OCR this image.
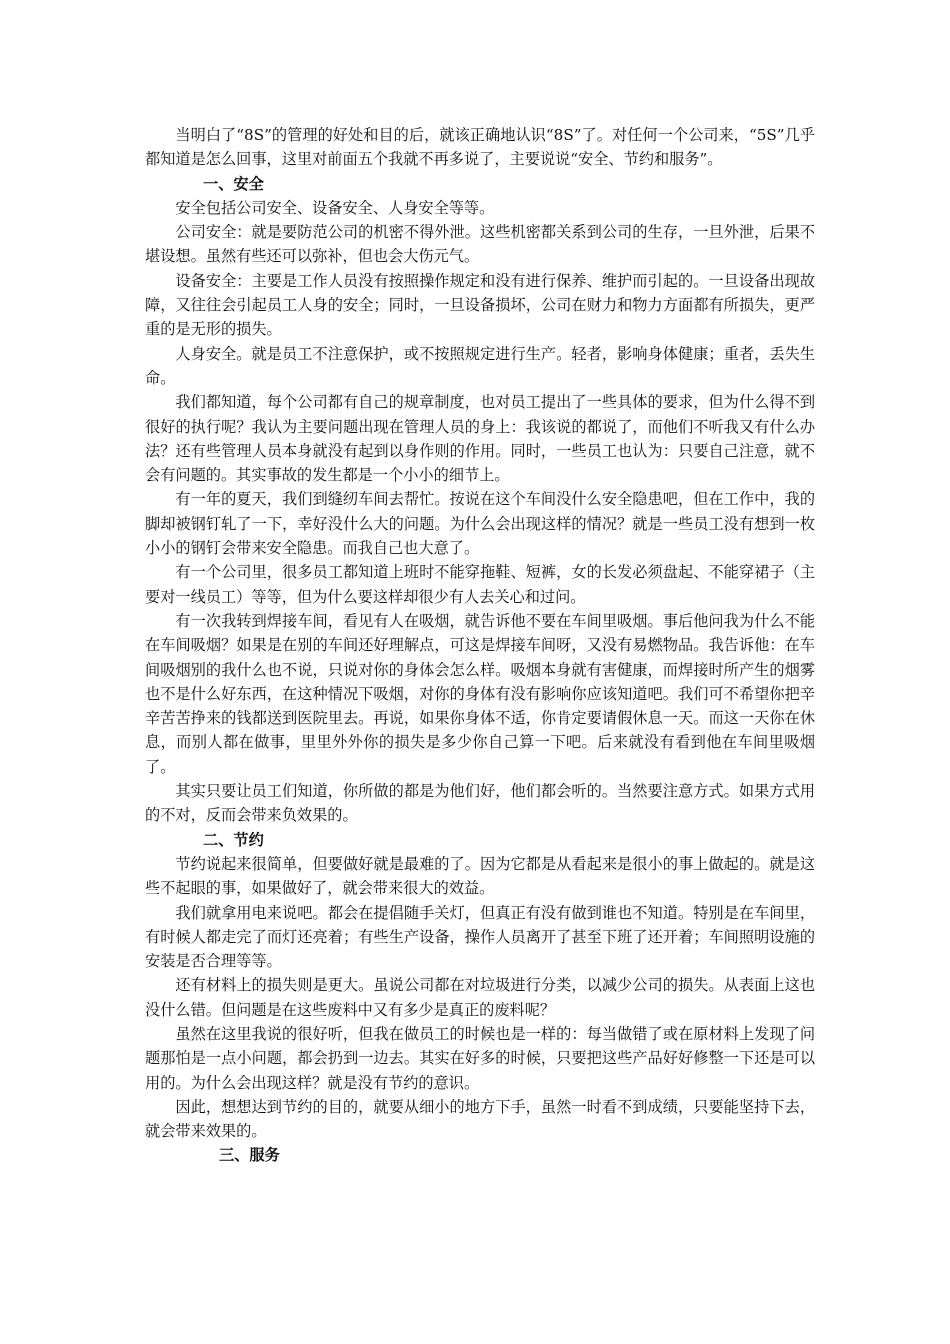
当明白了“8S”的管理的好处和目的后，就该正确地认识“8S”了。对任何一个公司来，“5S”几乎都知道是怎么回事，这里对前面五个我就不再多说了，主要说说“安全、节约和服务”。

一、安全

安全包括公司安全、设备安全、人身安全等等。

公司安全：就是要防范公司的机密不得外泄。这些机密都关系到公司的生存，一旦外泄，后果不堪设想。虽然有些还可以弥补，但也会大伤元气。

设备安全：主要是工作人员没有按照操作规定和没有进行保养、维护而引起的。一旦设备出现故障，又往往会引起员工人身的安全；同时，一旦设备损坏，公司在财力和物力方面都有所损失，更严重的是无形的损失。

人身安全。就是员工不注意保护，或不按照规定进行生产。轻者，影响身体健康；重者，丢失生命。

我们都知道，每个公司都有自己的规章制度，也对员工提出了一些具体的要求，但为什么得不到很好的执行呢？我认为主要问题出现在管理人员的身上：我该说的都说了，而他们不听我又有什么办法？还有些管理人员本身就没有起到以身作则的作用。同时，一些员工也认为：只要自己注意，就不会有问题的。其实事故的发生都是一个小小的细节上。

有一年的夏天，我们到缝纫车间去帮忙。按说在这个车间没什么安全隐患吧，但在工作中，我的脚却被钢钉轧了一下，幸好没什么大的问题。为什么会出现这样的情况？就是一些员工没有想到一枚小小的钢钉会带来安全隐患。而我自己也大意了。

有一个公司里，很多员工都知道上班时不能穿拖鞋、短裤，女的长发必须盘起、不能穿裙子（主要对一线员工）等等，但为什么要这样却很少有人去关心和过问。

有一次我转到焊接车间，看见有人在吸烟，就告诉他不要在车间里吸烟。事后他问我为什么不能在车间吸烟？如果是在别的车间还好理解点，可这是焊接车间呀，又没有易燃物品。我告诉他：在车间吸烟别的我什么也不说，只说对你的身体会怎么样。吸烟本身就有害健康，而焊接时所产生的烟雾也不是什么好东西，在这种情况下吸烟，对你的身体有没有影响你应该知道吧。我们可不希望你把辛辛苦苦挣来的钱都送到医院里去。再说，如果你身体不适，你肯定要请假休息一天。而这一天你在休息，而别人都在做事，里里外外你的损失是多少你自己算一下吧。后来就没有看到他在车间里吸烟了。

其实只要让员工们知道，你所做的都是为他们好，他们都会听的。当然要注意方式。如果方式用的不对，反而会带来负效果的。

二、节约

节约说起来很简单，但要做好就是最难的了。因为它都是从看起来是很小的事上做起的。就是这些不起眼的事，如果做好了，就会带来很大的效益。

我们就拿用电来说吧。都会在提倡随手关灯，但真正有没有做到谁也不知道。特别是在车间里，有时候人都走完了而灯还亮着；有些生产设备，操作人员离开了甚至下班了还开着；车间照明设施的安装是否合理等等。

还有材料上的损失则是更大。虽说公司都在对垃圾进行分类，以减少公司的损失。从表面上这也没什么错。但问题是在这些废料中又有多少是真正的废料呢？

虽然在这里我说的很好听，但我在做员工的时候也是一样的：每当做错了或在原材料上发现了问题那怕是一点小问题，都会扔到一边去。其实在好多的时候，只要把这些产品好好修整一下还是可以用的。为什么会出现这样？就是没有节约的意识。

因此，想想达到节约的目的，就要从细小的地方下手，虽然一时看不到成绩，只要能坚持下去，就会带来效果的。

三、服务
